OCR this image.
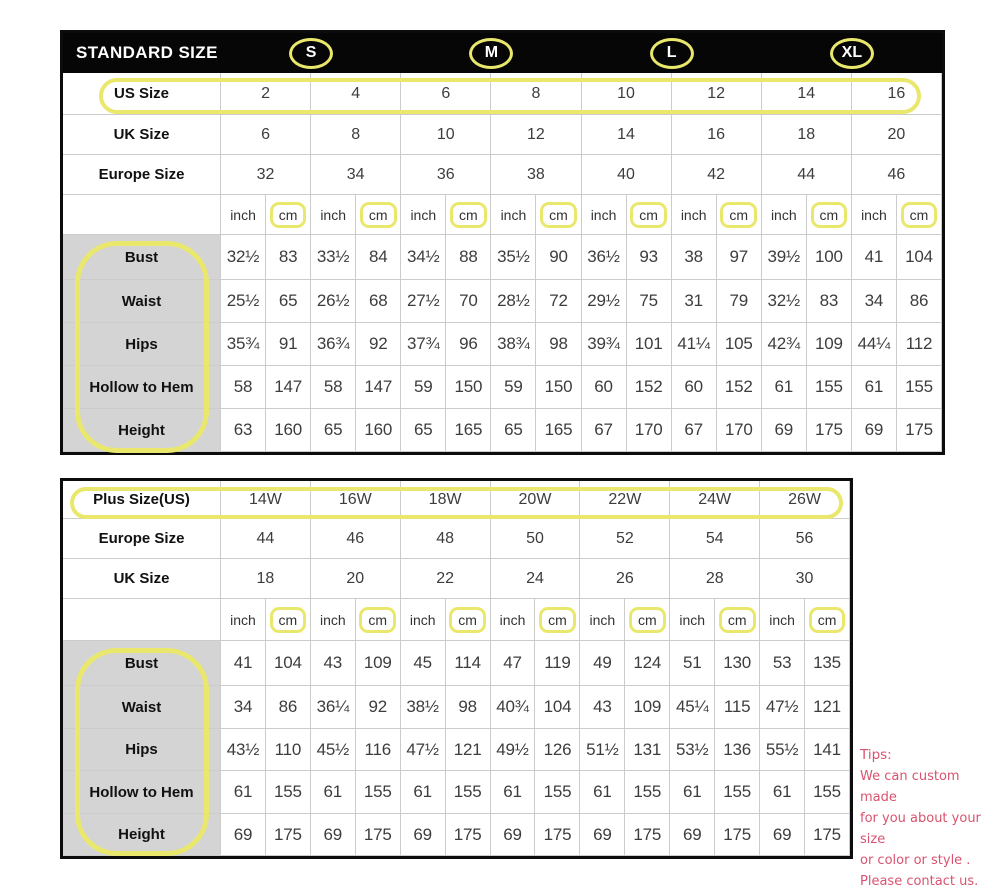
STANDARD SIZE	S	M	L	XL
US Size	2	4	6	8	10	12	14	16
UK Size	6	8	10	12	14	16	18	20
Europe Size	32	34	36	38	40	42	44	46
inch	cm	inch	cm	inch	cm	inch	cm	inch	cm	inch	cm	inch	cm	inch	cm
Bust	32½	83	33½	84	34½	88	35½	90	36½	93	38	97	39½ 100	41	104
Waist	25½	65	26½	68	27½	70	28½	72	29½	75	31	79	32½	83	34	86
Hips	35¾	91	36¾	92	37¾	96	38¾	98	39¾ 101 41¼ 105 42¾ 109 44¼ 112
Hollow to Hem	58	147	58	147	59	150	59	150	60	152	60	152	61	155	61	155
Height	63	160	65	160	65	165	65	165	67	170	67	170	69	175	69	175
Plus Size(US)	14W	16W	18W	20W	22W	24W	26W
Europe Size	44	46	48	50	52	54	56
UK Size	18	20	22	24	26	28	30
inch	cm	inch	cm	inch	cm	inch	cm	inch	cm	inch	cm	inch	cm
Bust	41	104	43	109	45	114	47	119	49	124	51	130	53	135
Waist	34	86	36¼	92	38½	98	40¾ 104	43	109 45¼ 115 47½ 121
Hips	43½ 110 45½ 116 47½ 121 49½ 126 51½ 131 53½ 136 55½ 141
Hollow to Hem	61	155	61	155	61	155	61	155	61	155	61	155	61	155
Height	69	175	69	175	69	175	69	175	69	175	69	175	69	175
Tips:
We can custom made
for you about your size
or color or style .
Please contact us.
